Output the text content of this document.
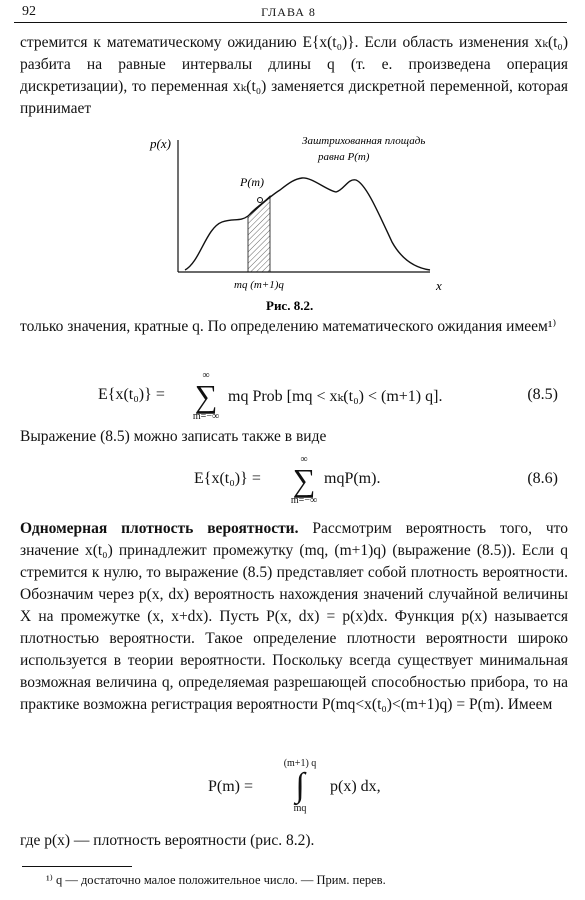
92	ГЛАВА 8
стремится к математическому ожиданию E{x(t₀)}. Если область изменения xₖ(t₀) разбита на равные интервалы длины q (т. е. произведена операция дискретизации), то переменная xₖ(t₀) заменяется дискретной переменной, которая принимает
p(x)
x
Заштрихованная площадь
равна P(m)
P(m)
mq (m+1)q
Рис. 8.2.
только значения, кратные q. По определению математического ожидания имеем¹⁾
E{x(t₀)} =
∞
∑
m=−∞
mq Prob [mq < xₖ(t₀) < (m+1) q].	(8.5)
Выражение (8.5) можно записать также в виде
E{x(t₀)} =
∞
∑
m=−∞
mqP(m).	(8.6)
Одномерная плотность вероятности. Рассмотрим вероятность того, что значение x(t₀) принадлежит промежутку (mq, (m+1)q) (выражение (8.5)). Если q стремится к нулю, то выражение (8.5) представляет собой плотность вероятности. Обозначим через p(x, dx) вероятность нахождения значений случайной величины X на промежутке (x, x+dx). Пусть P(x, dx) = p(x)dx. Функция p(x) называется плотностью вероятности. Такое определение плотности вероятности широко используется в теории вероятности. Поскольку всегда существует минимальная возможная величина q, определяемая разрешающей способностью прибора, то на практике возможна регистрация вероятности P(mq<x(t₀)<(m+1)q) = P(m). Имеем
P(m) =
(m+1) q
∫
mq
p(x) dx,
где p(x) — плотность вероятности (рис. 8.2).
¹⁾ q — достаточно малое положительное число. — Прим. перев.
